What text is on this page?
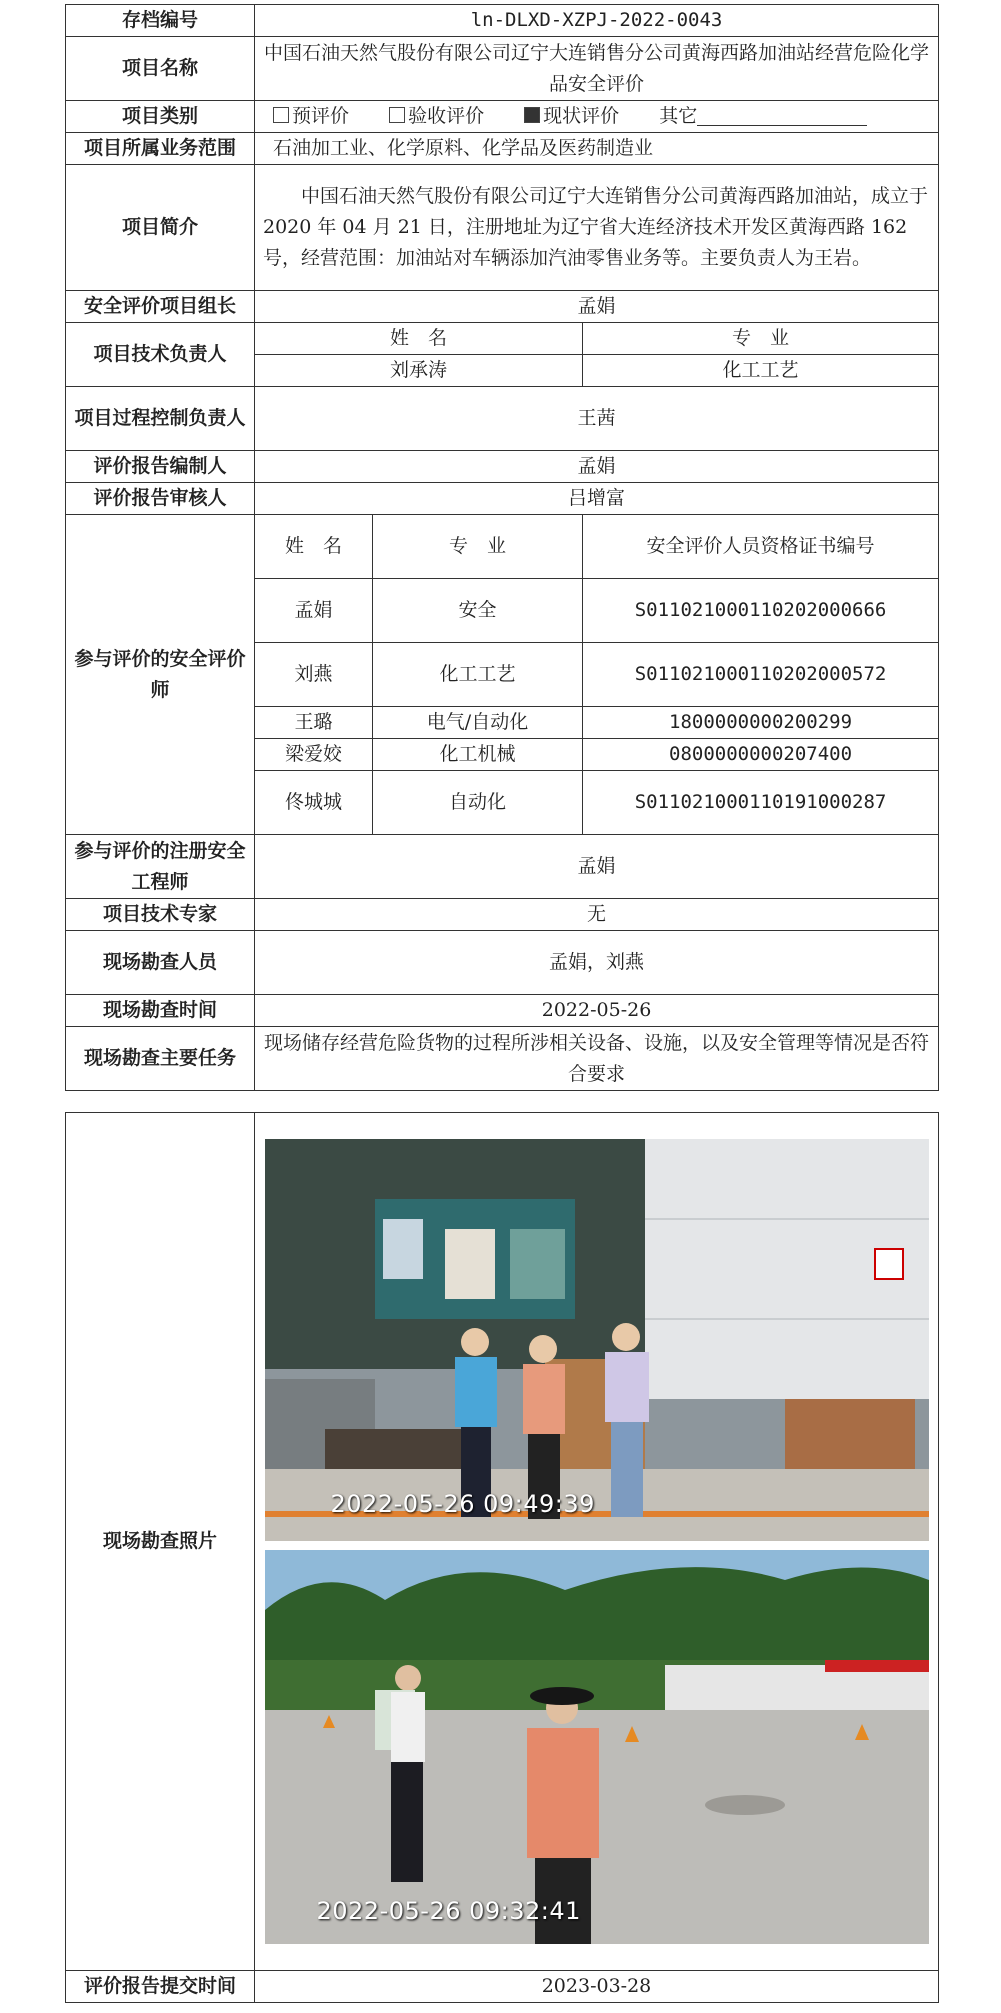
存档编号	ln-DLXD-XZPJ-2022-0043		
项目名称	中国石油天然气股份有限公司辽宁大连销售分公司黄海西路加油站经营危险化学品安全评价		
项目类别	预评价 验收评价 现状评价 其它		
项目所属业务范围	石油加工业、化学原料、化学品及医药制造业		
项目简介	中国石油天然气股份有限公司辽宁大连销售分公司黄海西路加油站，成立于 2020 年 04 月 21 日，注册地址为辽宁省大连经济技术开发区黄海西路 162 号，经营范围：加油站对车辆添加汽油零售业务等。主要负责人为王岩。		
安全评价项目组长	孟娟		
项目技术负责人	姓　名		专　业
	刘承涛		化工工艺
项目过程控制负责人	王茜		
评价报告编制人	孟娟		
评价报告审核人	吕增富		
参与评价的安全评价师	姓　名	专　业	安全评价人员资格证书编号
	孟娟	安全	S011021000110202000666
	刘燕	化工工艺	S011021000110202000572
	王璐	电气/自动化	1800000000200299
	梁爱姣	化工机械	0800000000207400
	佟城城	自动化	S011021000110191000287
参与评价的注册安全工程师	孟娟		
项目技术专家	无		
现场勘查人员	孟娟，刘燕		
现场勘查时间	2022-05-26		
现场勘查主要任务	现场储存经营危险货物的过程所涉相关设备、设施，以及安全管理等情况是否符合要求		
现场勘查照片	2022-05-26 09:49:39
2022-05-26 09:32:41

评价报告提交时间	2023-03-28
